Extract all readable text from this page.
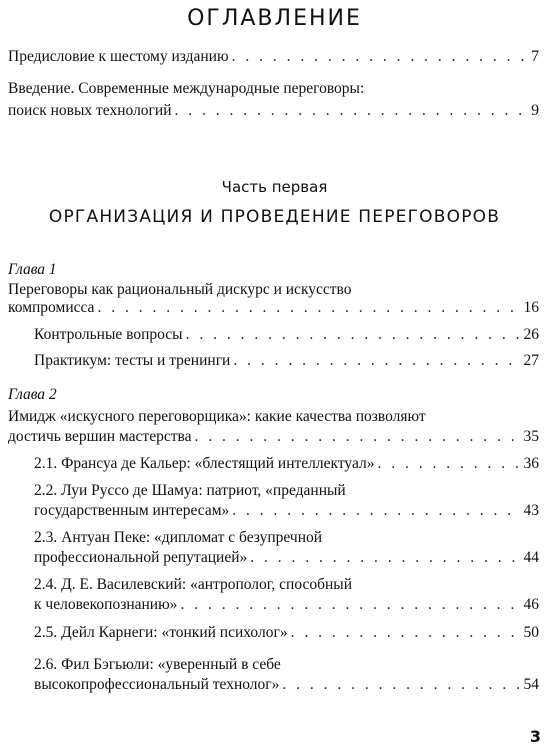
ОГЛАВЛЕНИЕ
Предисловие к шестому изданию . . .	7
Введение. Современные международные переговоры:
поиск новых технологий . . .	9
Часть первая
ОРГАНИЗАЦИЯ И ПРОВЕДЕНИЕ ПЕРЕГОВОРОВ
Глава 1
Переговоры как рациональный дискурс и искусство
компромисса . . .	16
Контрольные вопросы . . .	26
Практикум: тесты и тренинги . . .	27
Глава 2
Имидж «искусного переговорщика»: какие качества позволяют
достичь вершин мастерства . . .	35
2.1. Франсуа де Кальер: «блестящий интеллектуал» . . .	36
2.2. Луи Руссо де Шамуа: патриот, «преданный
государственным интересам» . . .	43
2.3. Антуан Пеке: «дипломат с безупречной
профессиональной репутацией» . . .	44
2.4. Д. Е. Василевский: «антрополог, способный
к человекопознанию» . . .	46
2.5. Дейл Карнеги: «тонкий психолог» . . .	50
2.6. Фил Бэгьюли: «уверенный в себе
высокопрофессиональный технолог» . . .	54
3
